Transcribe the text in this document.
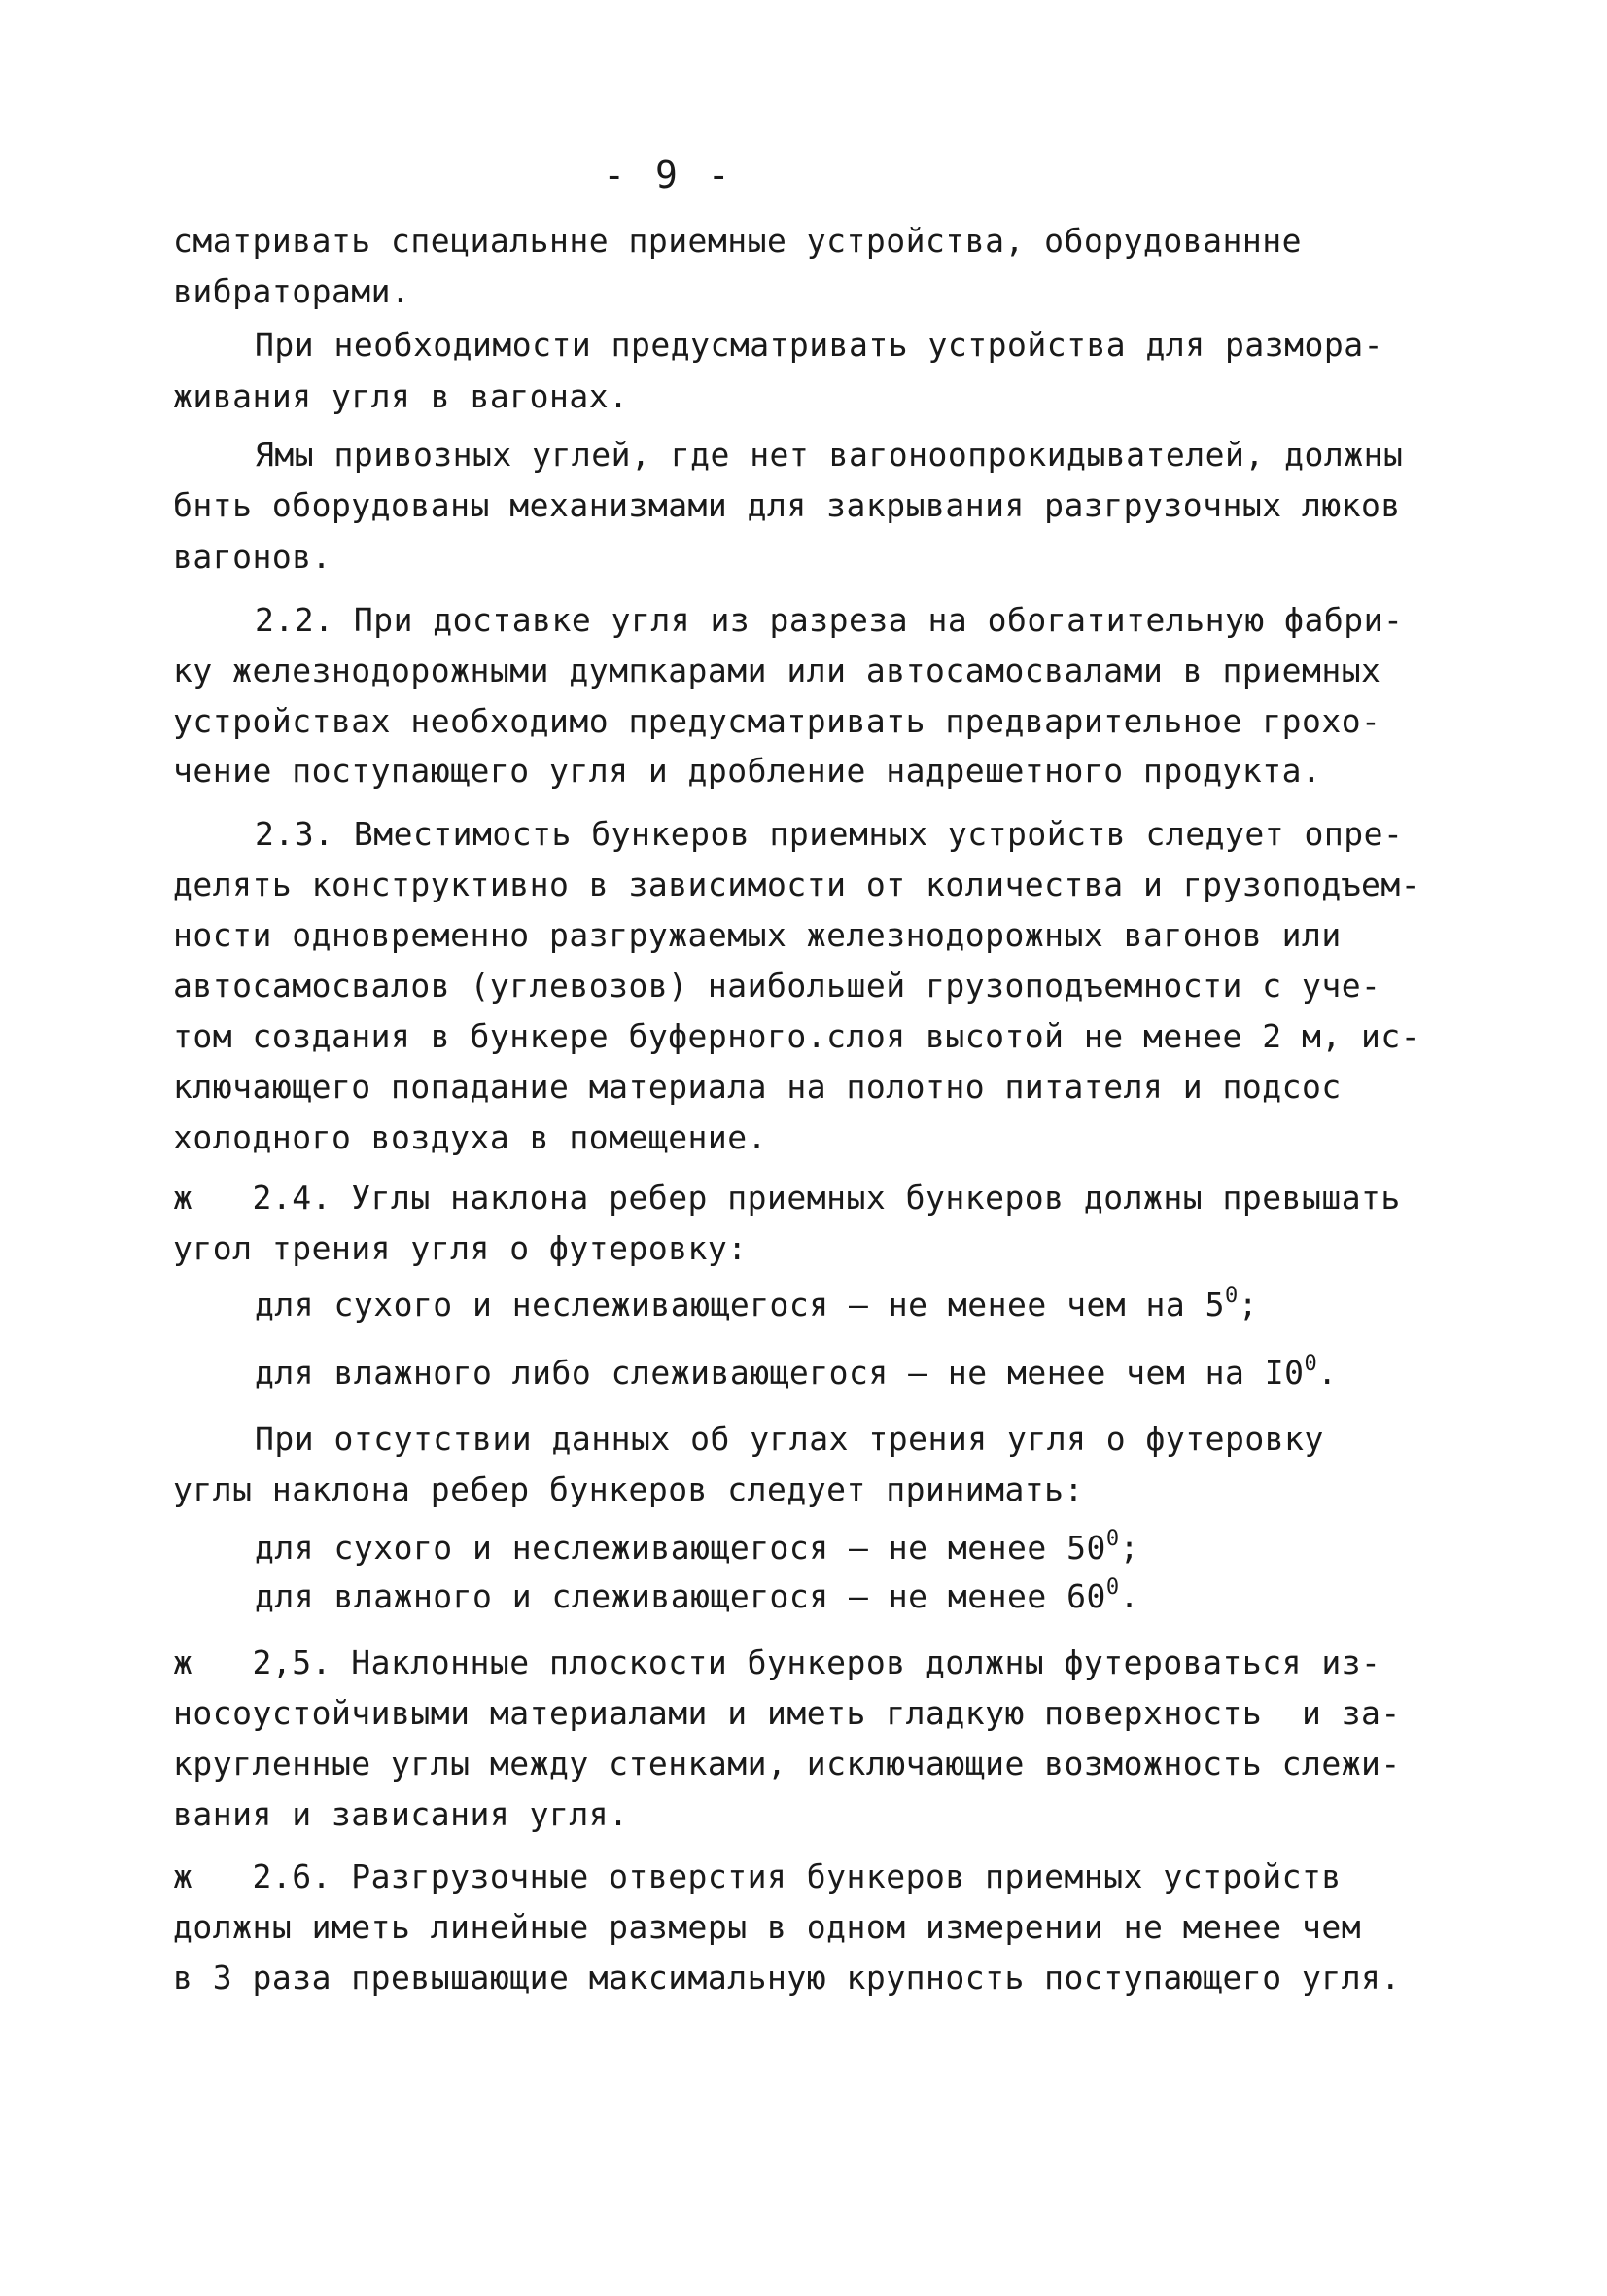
- 9 -
сматривать специальнне приемные устройства, оборудованнне
вибраторами.
При необходимости предусматривать устройства для разморa-
живания угля в вагонах.
Ямы привозных углей, где нет вагоноопрокидывателей, должны
бнть оборудованы механизмами для закрывания разгрузочных люков
вагонов.
2.2. При доставке угля из разреза на обогатительную фабри-
ку железнодорожными думпкарами или автосамосвалами в приемных
устройствах необходимо предусматривать предварительное грохо-
чение поступающего угля и дробление надрешетного продукта.
2.3. Вместимость бункеров приемных устройств следует опре-
делять конструктивно в зависимости от количества и грузоподъем-
ности одновременно разгружаемых железнодорожных вагонов или
автосамосвалов (углевозов) наибольшей грузоподъемности с уче-
том создания в бункере буферного.слоя высотой не менее 2 м, ис-
ключающего попадание материала на полотно питателя и подсос
холодного воздуха в помещение.
ж   2.4. Углы наклона ребер приемных бункеров должны превышать
угол трения угля о футеровку:
для сухого и неслеживающегося – не менее чем на $5^0$;
для влажного либо слеживающегося – не менее чем на $I0^0$.
При отсутствии данных об углах трения угля о футеровку
углы наклона ребер бункеров следует принимать:
для сухого и неслеживающегося – не менее $50^0$;
для влажного и слеживающегося – не менее $60^0$.
ж   2,5. Наклонные плоскости бункеров должны футероваться из-
носоустойчивыми материалами и иметь гладкую поверхность  и за-
кругленные углы между стенками, исключающие возможность слежи-
вания и зависания угля.
ж   2.6. Разгрузочные отверстия бункеров приемных устройств
должны иметь линейные размеры в одном измерении не менее чем
в 3 раза превышающие максимальную крупность поступающего угля.
